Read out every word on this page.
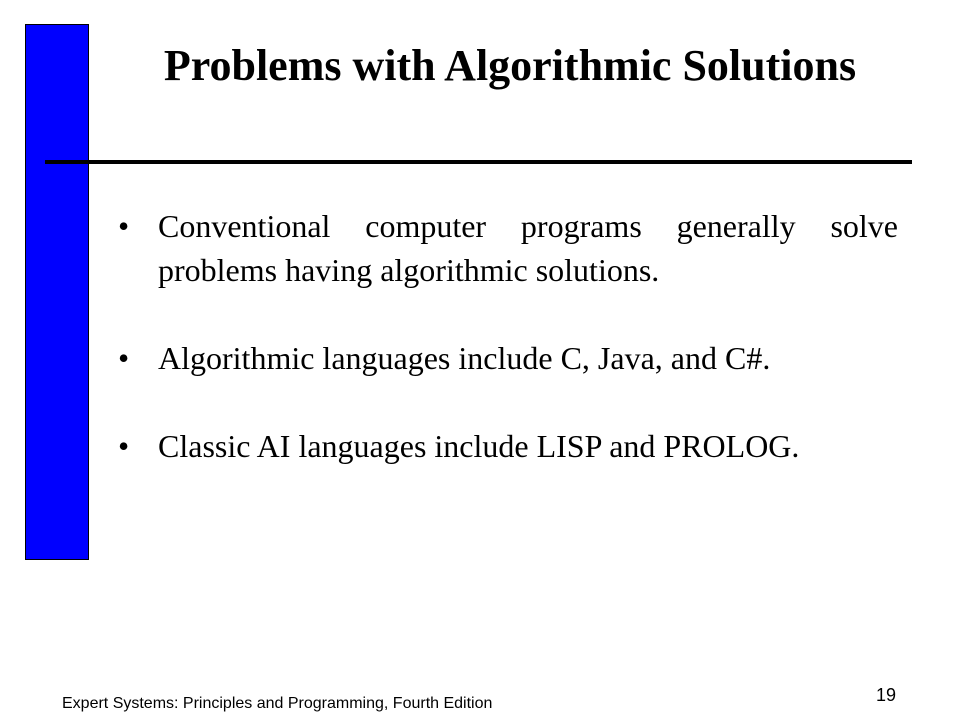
Problems with Algorithmic Solutions
• Conventional computer programs generally solve problems having algorithmic solutions.
• Algorithmic languages include C, Java, and C#.
• Classic AI languages include LISP and PROLOG.
Expert Systems: Principles and Programming, Fourth Edition	19
